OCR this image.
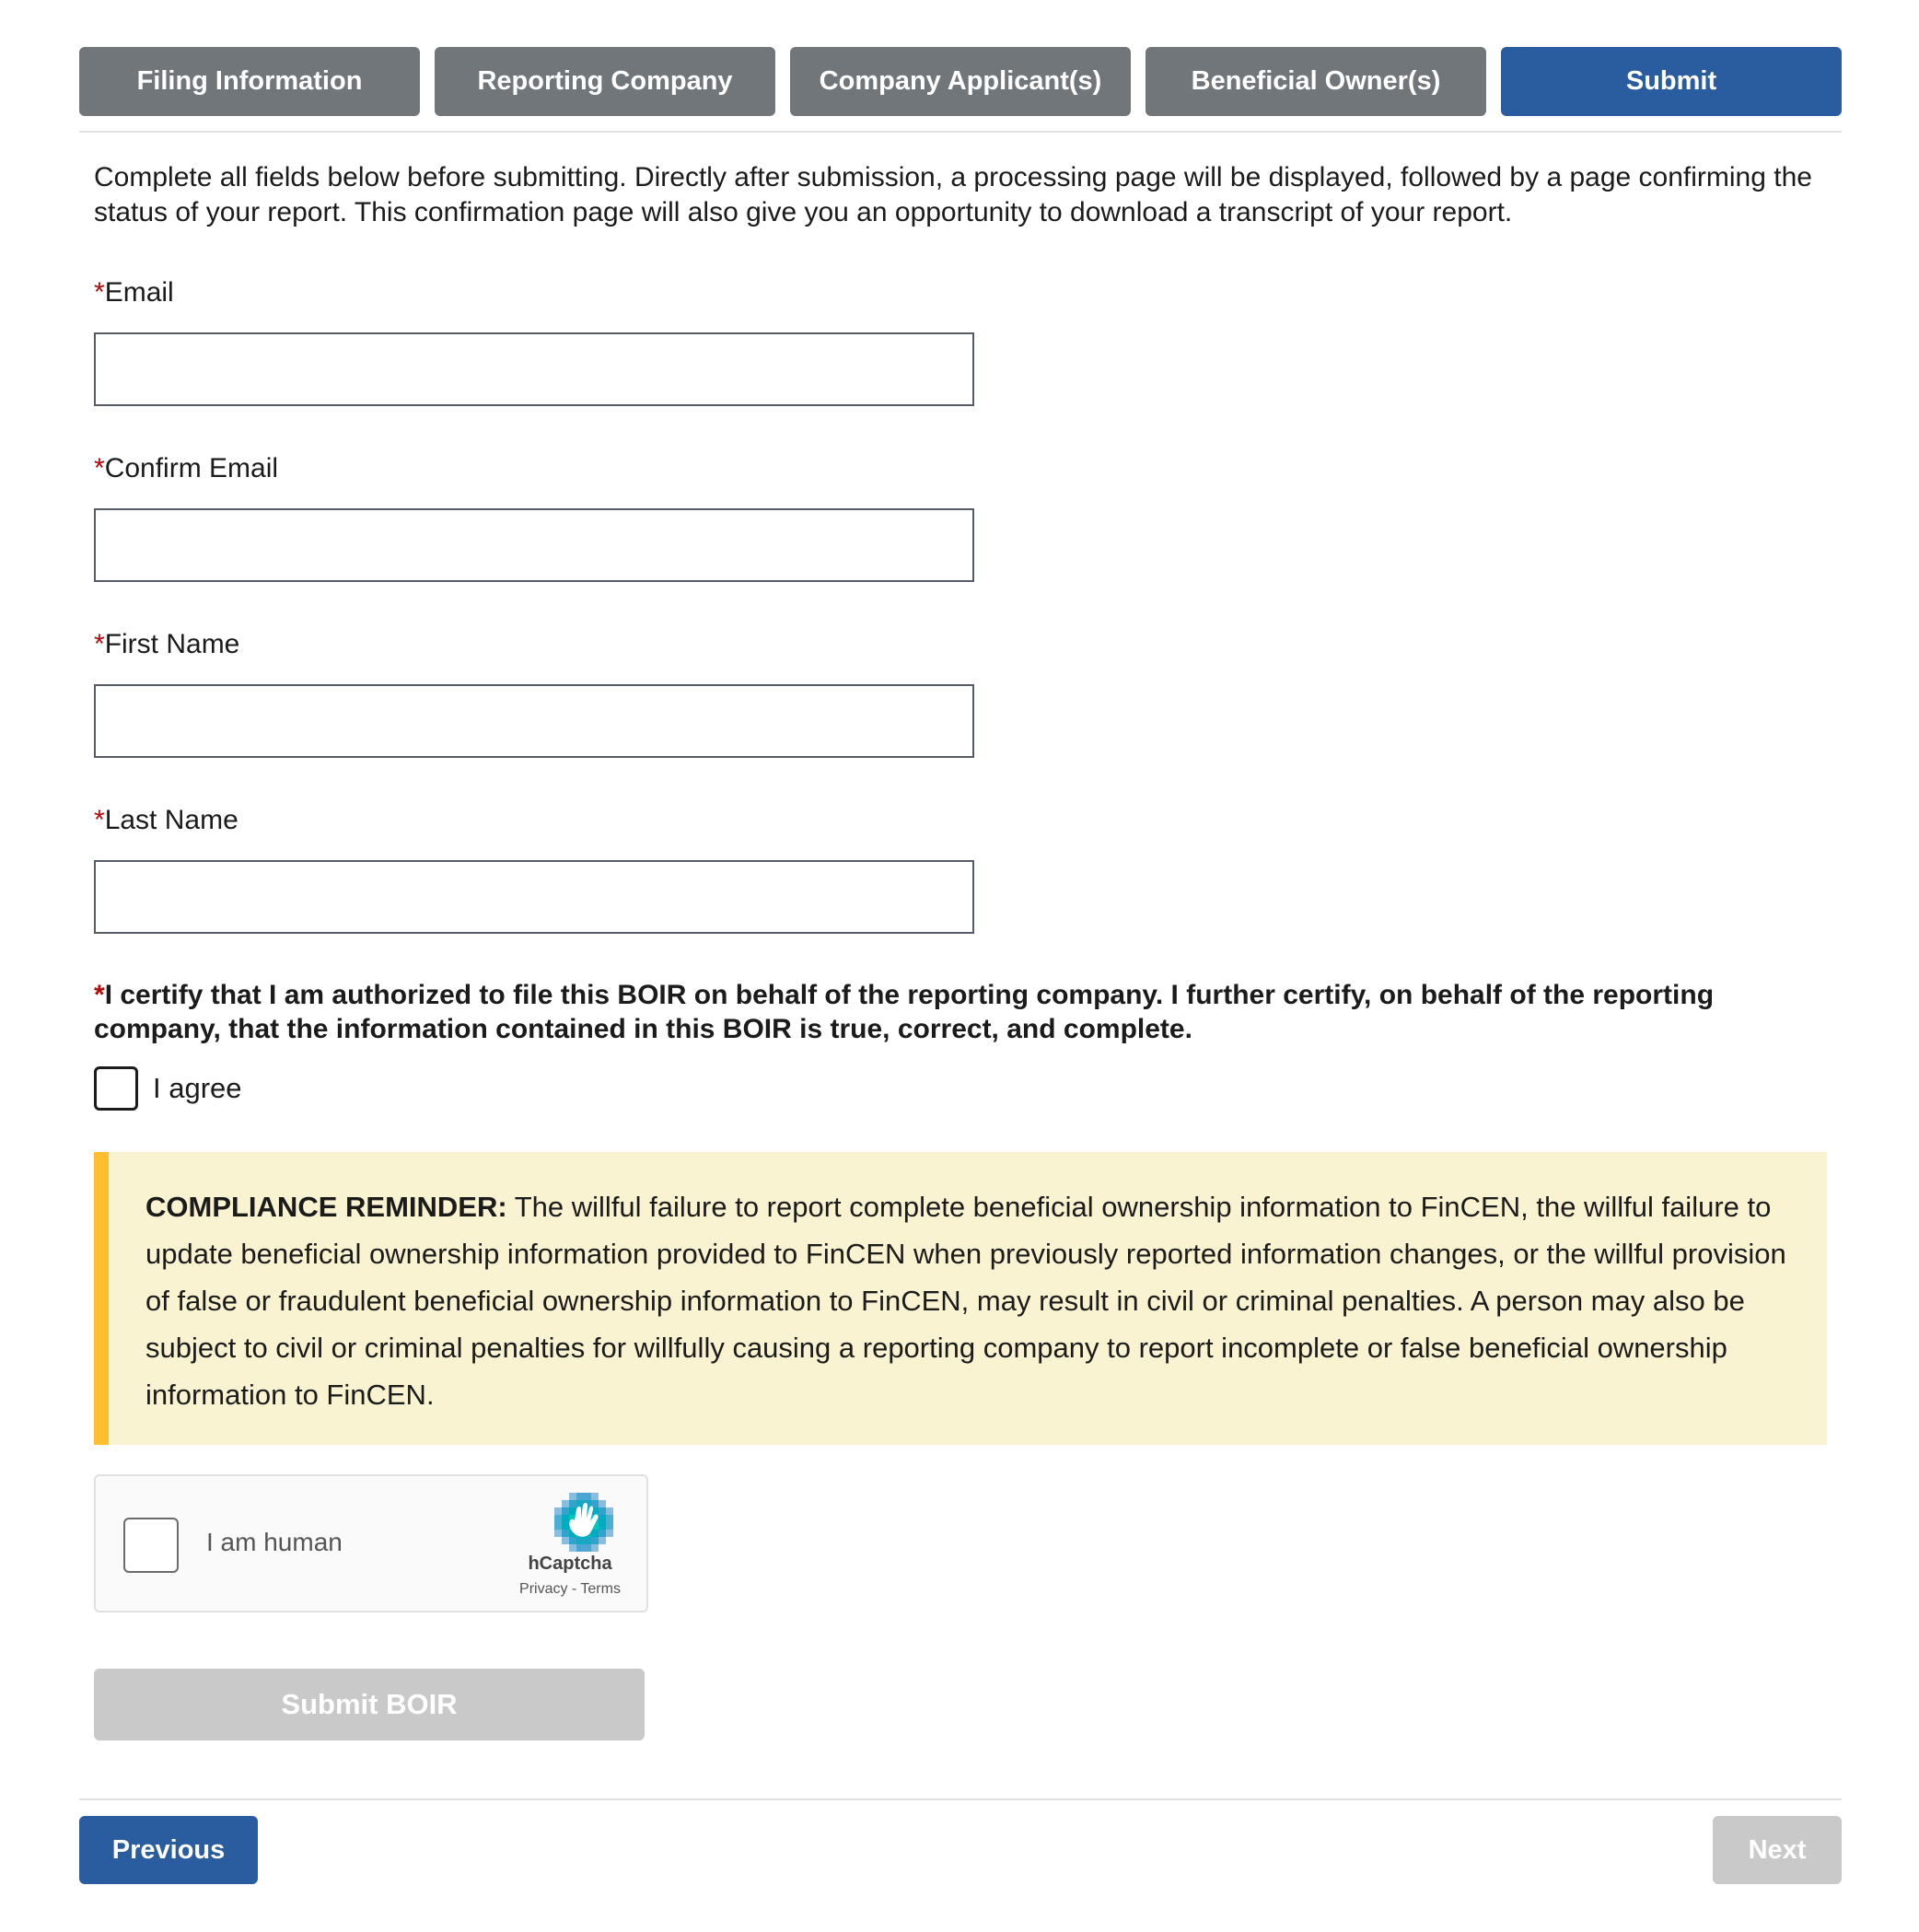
Filing Information	Reporting Company	Company Applicant(s)	Beneficial Owner(s)	Submit

Complete all fields below before submitting. Directly after submission, a processing page will be displayed, followed by a page confirming the status of your report. This confirmation page will also give you an opportunity to download a transcript of your report.

*Email
*Confirm Email
*First Name
*Last Name

*I certify that I am authorized to file this BOIR on behalf of the reporting company. I further certify, on behalf of the reporting company, that the information contained in this BOIR is true, correct, and complete.

I agree
COMPLIANCE REMINDER: The willful failure to report complete beneficial ownership information to FinCEN, the willful failure to update beneficial ownership information provided to FinCEN when previously reported information changes, or the willful provision of false or fraudulent beneficial ownership information to FinCEN, may result in civil or criminal penalties. A person may also be subject to civil or criminal penalties for willfully causing a reporting company to report incomplete or false beneficial ownership information to FinCEN.
I am human
hCaptcha
Privacy - Terms
Submit BOIR
Previous	Next
